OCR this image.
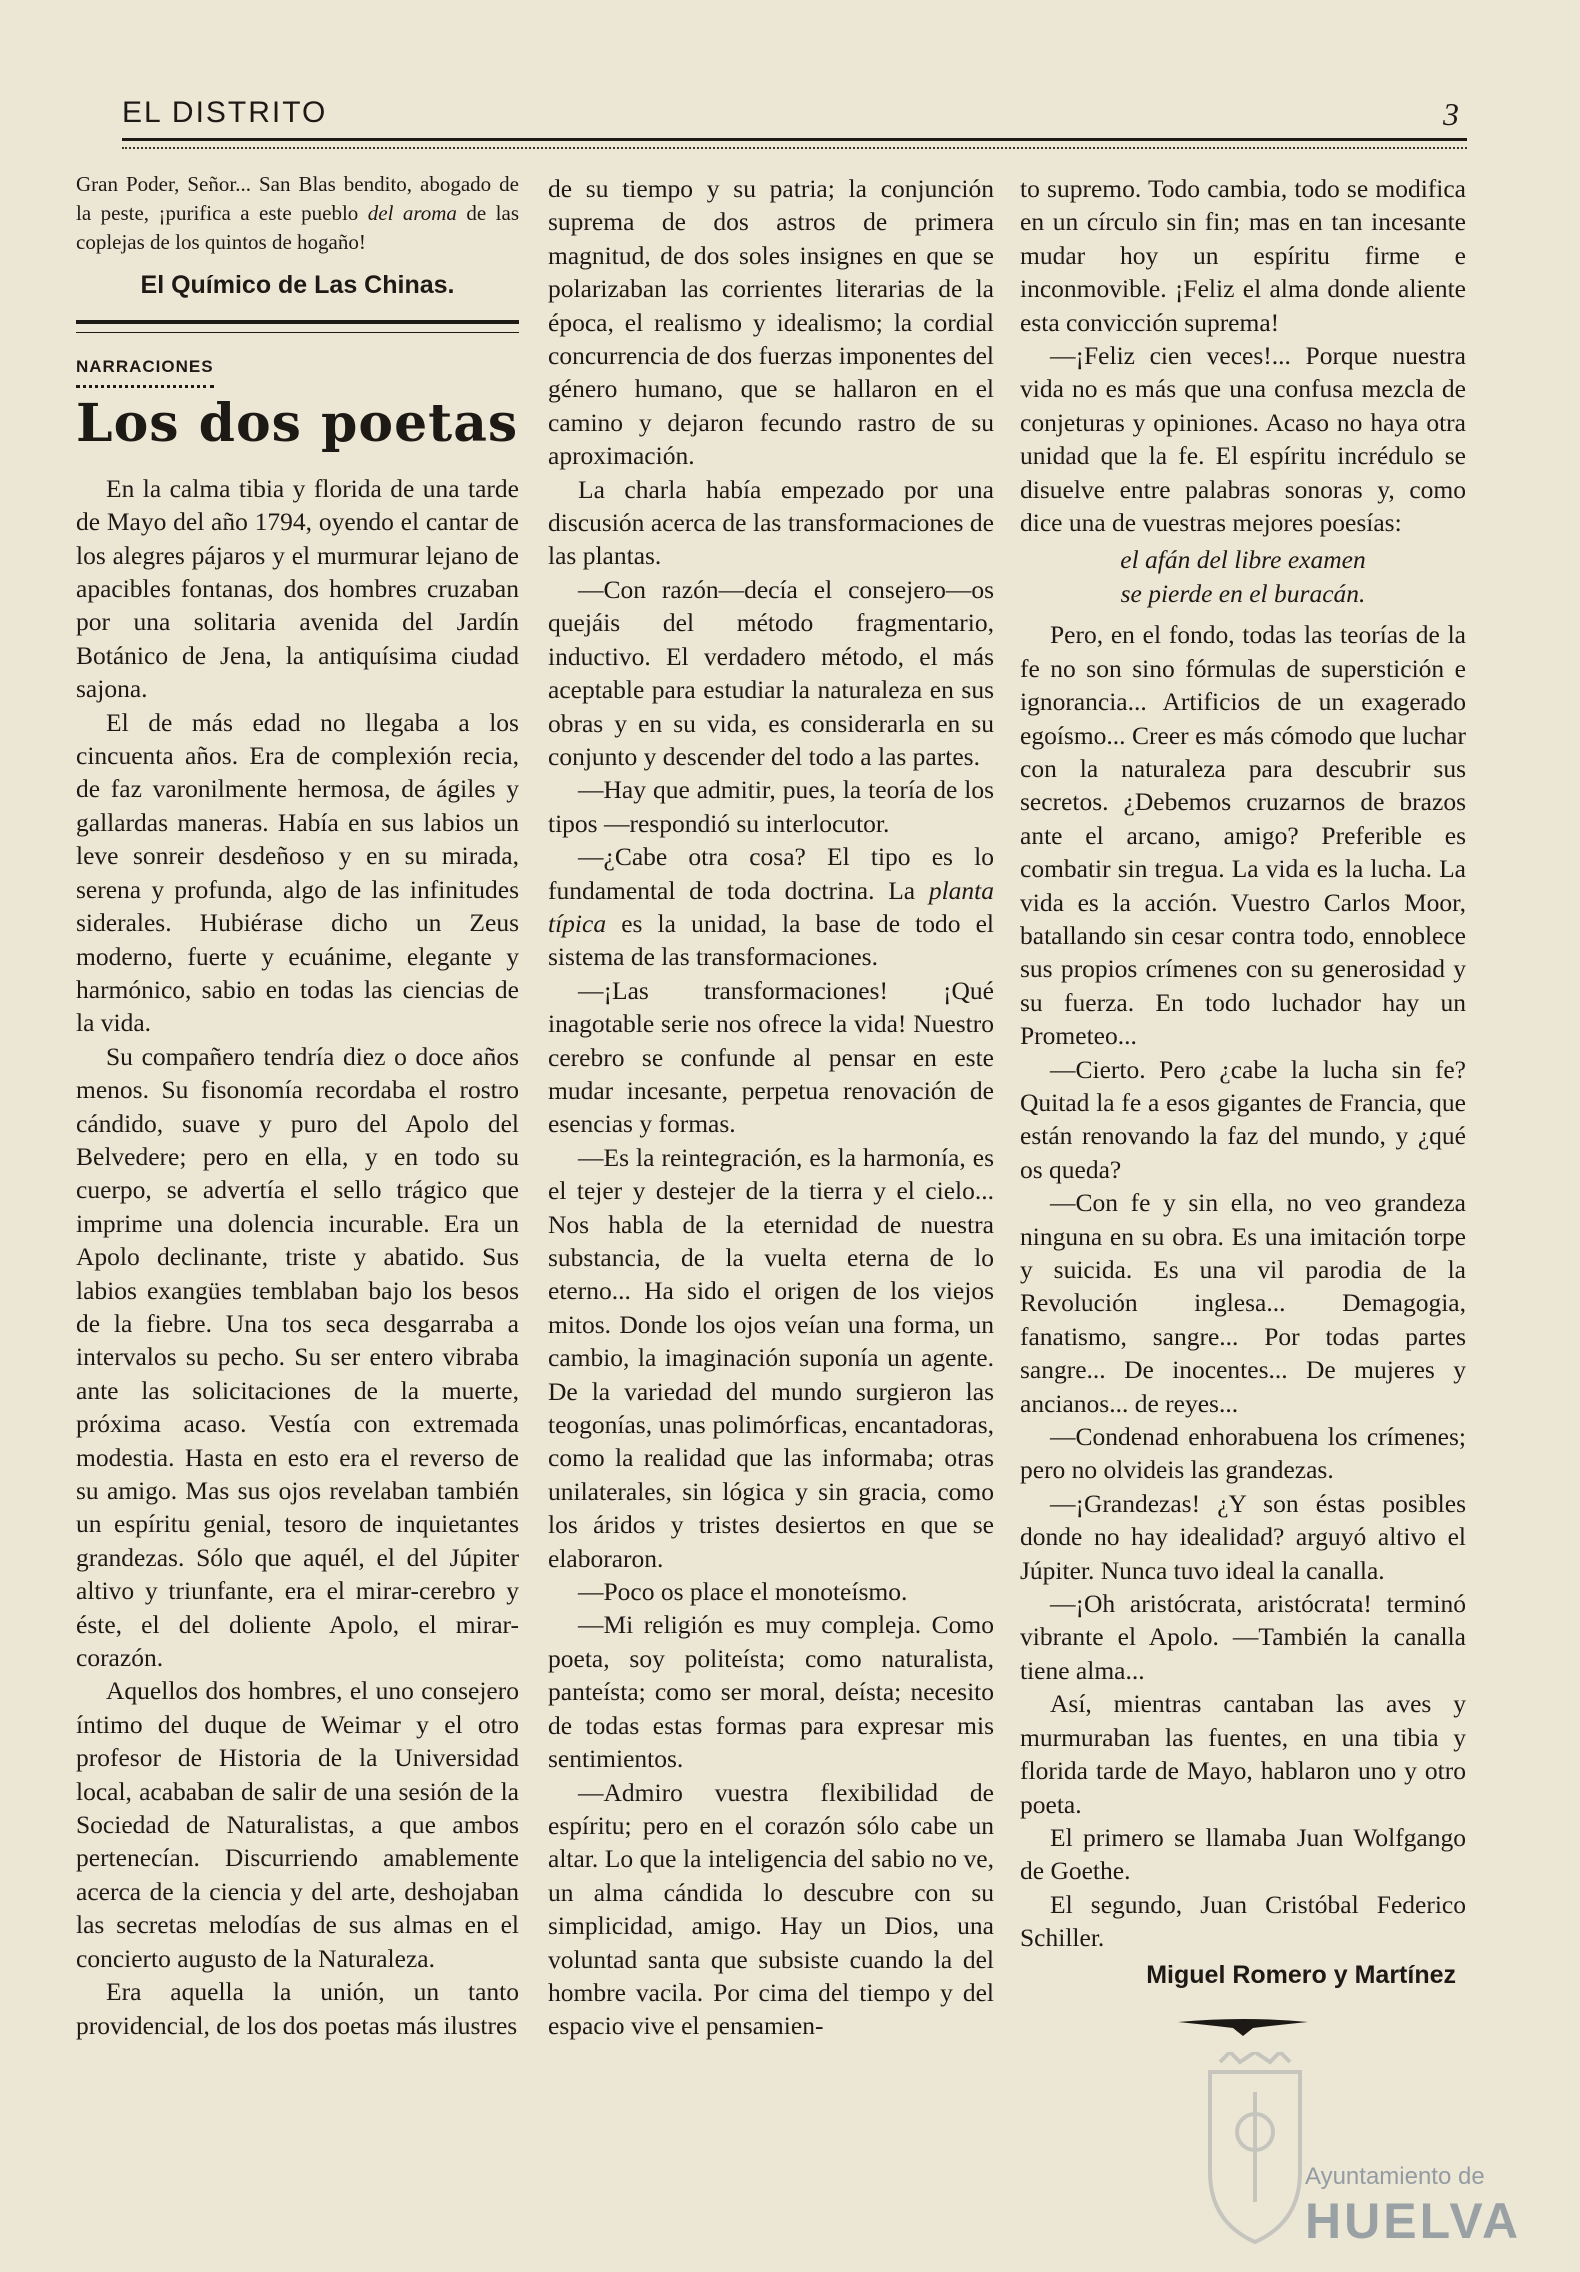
EL DISTRITO	3

Gran Poder, Señor... San Blas bendito, abogado de la peste, ¡purifica a este pueblo del aroma de las coplejas de los quintos de hogaño!

El Químico de Las Chinas.
NARRACIONES
Los dos poetas

En la calma tibia y florida de una tarde de Mayo del año 1794, oyendo el cantar de los alegres pájaros y el murmurar lejano de apacibles fontanas, dos hombres cruzaban por una solitaria avenida del Jardín Botánico de Jena, la antiquísima ciudad sajona.

El de más edad no llegaba a los cincuenta años. Era de complexión recia, de faz varonilmente hermosa, de ágiles y gallardas maneras. Había en sus labios un leve sonreir desdeñoso y en su mirada, serena y profunda, algo de las infinitudes siderales. Hubiérase dicho un Zeus moderno, fuerte y ecuánime, elegante y harmónico, sabio en todas las ciencias de la vida.

Su compañero tendría diez o doce años menos. Su fisonomía recordaba el rostro cándido, suave y puro del Apolo del Belvedere; pero en ella, y en todo su cuerpo, se advertía el sello trágico que imprime una dolencia incurable. Era un Apolo declinante, triste y abatido. Sus labios exangües temblaban bajo los besos de la fiebre. Una tos seca desgarraba a intervalos su pecho. Su ser entero vibraba ante las solicitaciones de la muerte, próxima acaso. Vestía con extremada modestia. Hasta en esto era el reverso de su amigo. Mas sus ojos revelaban también un espíritu genial, tesoro de inquietantes grandezas. Sólo que aquél, el del Júpiter altivo y triunfante, era el mirar-cerebro y éste, el del doliente Apolo, el mirar-corazón.

Aquellos dos hombres, el uno consejero íntimo del duque de Weimar y el otro profesor de Historia de la Universidad local, acababan de salir de una sesión de la Sociedad de Naturalistas, a que ambos pertenecían. Discurriendo amablemente acerca de la ciencia y del arte, deshojaban las secretas melodías de sus almas en el concierto augusto de la Naturaleza.

Era aquella la unión, un tanto providencial, de los dos poetas más ilustres

de su tiempo y su patria; la conjunción suprema de dos astros de primera magnitud, de dos soles insignes en que se polarizaban las corrientes literarias de la época, el realismo y idealismo; la cordial concurrencia de dos fuerzas imponentes del género humano, que se hallaron en el camino y dejaron fecundo rastro de su aproximación.

La charla había empezado por una discusión acerca de las transformaciones de las plantas.

—Con razón—decía el consejero—os quejáis del método fragmentario, inductivo. El verdadero método, el más aceptable para estudiar la naturaleza en sus obras y en su vida, es considerarla en su conjunto y descender del todo a las partes.

—Hay que admitir, pues, la teoría de los tipos —respondió su interlocutor.

—¿Cabe otra cosa? El tipo es lo fundamental de toda doctrina. La planta típica es la unidad, la base de todo el sistema de las transformaciones.

—¡Las transformaciones! ¡Qué inagotable serie nos ofrece la vida! Nuestro cerebro se confunde al pensar en este mudar incesante, perpetua renovación de esencias y formas.

—Es la reintegración, es la harmonía, es el tejer y destejer de la tierra y el cielo... Nos habla de la eternidad de nuestra substancia, de la vuelta eterna de lo eterno... Ha sido el origen de los viejos mitos. Donde los ojos veían una forma, un cambio, la imaginación suponía un agente. De la variedad del mundo surgieron las teogonías, unas polimórficas, encantadoras, como la realidad que las informaba; otras unilaterales, sin lógica y sin gracia, como los áridos y tristes desiertos en que se elaboraron.

—Poco os place el monoteísmo.

—Mi religión es muy compleja. Como poeta, soy politeísta; como naturalista, panteísta; como ser moral, deísta; necesito de todas estas formas para expresar mis sentimientos.

—Admiro vuestra flexibilidad de espíritu; pero en el corazón sólo cabe un altar. Lo que la inteligencia del sabio no ve, un alma cándida lo descubre con su simplicidad, amigo. Hay un Dios, una voluntad santa que subsiste cuando la del hombre vacila. Por cima del tiempo y del espacio vive el pensamien-

to supremo. Todo cambia, todo se modifica en un círculo sin fin; mas en tan incesante mudar hoy un espíritu firme e inconmovible. ¡Feliz el alma donde aliente esta convicción suprema!

—¡Feliz cien veces!... Porque nuestra vida no es más que una confusa mezcla de conjeturas y opiniones. Acaso no haya otra unidad que la fe. El espíritu incrédulo se disuelve entre palabras sonoras y, como dice una de vuestras mejores poesías:

el afán del libre examen
se pierde en el buracán.

Pero, en el fondo, todas las teorías de la fe no son sino fórmulas de superstición e ignorancia... Artificios de un exagerado egoísmo... Creer es más cómodo que luchar con la naturaleza para descubrir sus secretos. ¿Debemos cruzarnos de brazos ante el arcano, amigo? Preferible es combatir sin tregua. La vida es la lucha. La vida es la acción. Vuestro Carlos Moor, batallando sin cesar contra todo, ennoblece sus propios crímenes con su generosidad y su fuerza. En todo luchador hay un Prometeo...

—Cierto. Pero ¿cabe la lucha sin fe? Quitad la fe a esos gigantes de Francia, que están renovando la faz del mundo, y ¿qué os queda?

—Con fe y sin ella, no veo grandeza ninguna en su obra. Es una imitación torpe y suicida. Es una vil parodia de la Revolución inglesa... Demagogia, fanatismo, sangre... Por todas partes sangre... De inocentes... De mujeres y ancianos... de reyes...

—Condenad enhorabuena los crímenes; pero no olvideis las grandezas.

—¡Grandezas! ¿Y son éstas posibles donde no hay idealidad? arguyó altivo el Júpiter. Nunca tuvo ideal la canalla.

—¡Oh aristócrata, aristócrata! terminó vibrante el Apolo. —También la canalla tiene alma...

Así, mientras cantaban las aves y murmuraban las fuentes, en una tibia y florida tarde de Mayo, hablaron uno y otro poeta.

El primero se llamaba Juan Wolfgango de Goethe.

El segundo, Juan Cristóbal Federico Schiller.

Miguel Romero y Martínez
Ayuntamiento de
HUELVA
